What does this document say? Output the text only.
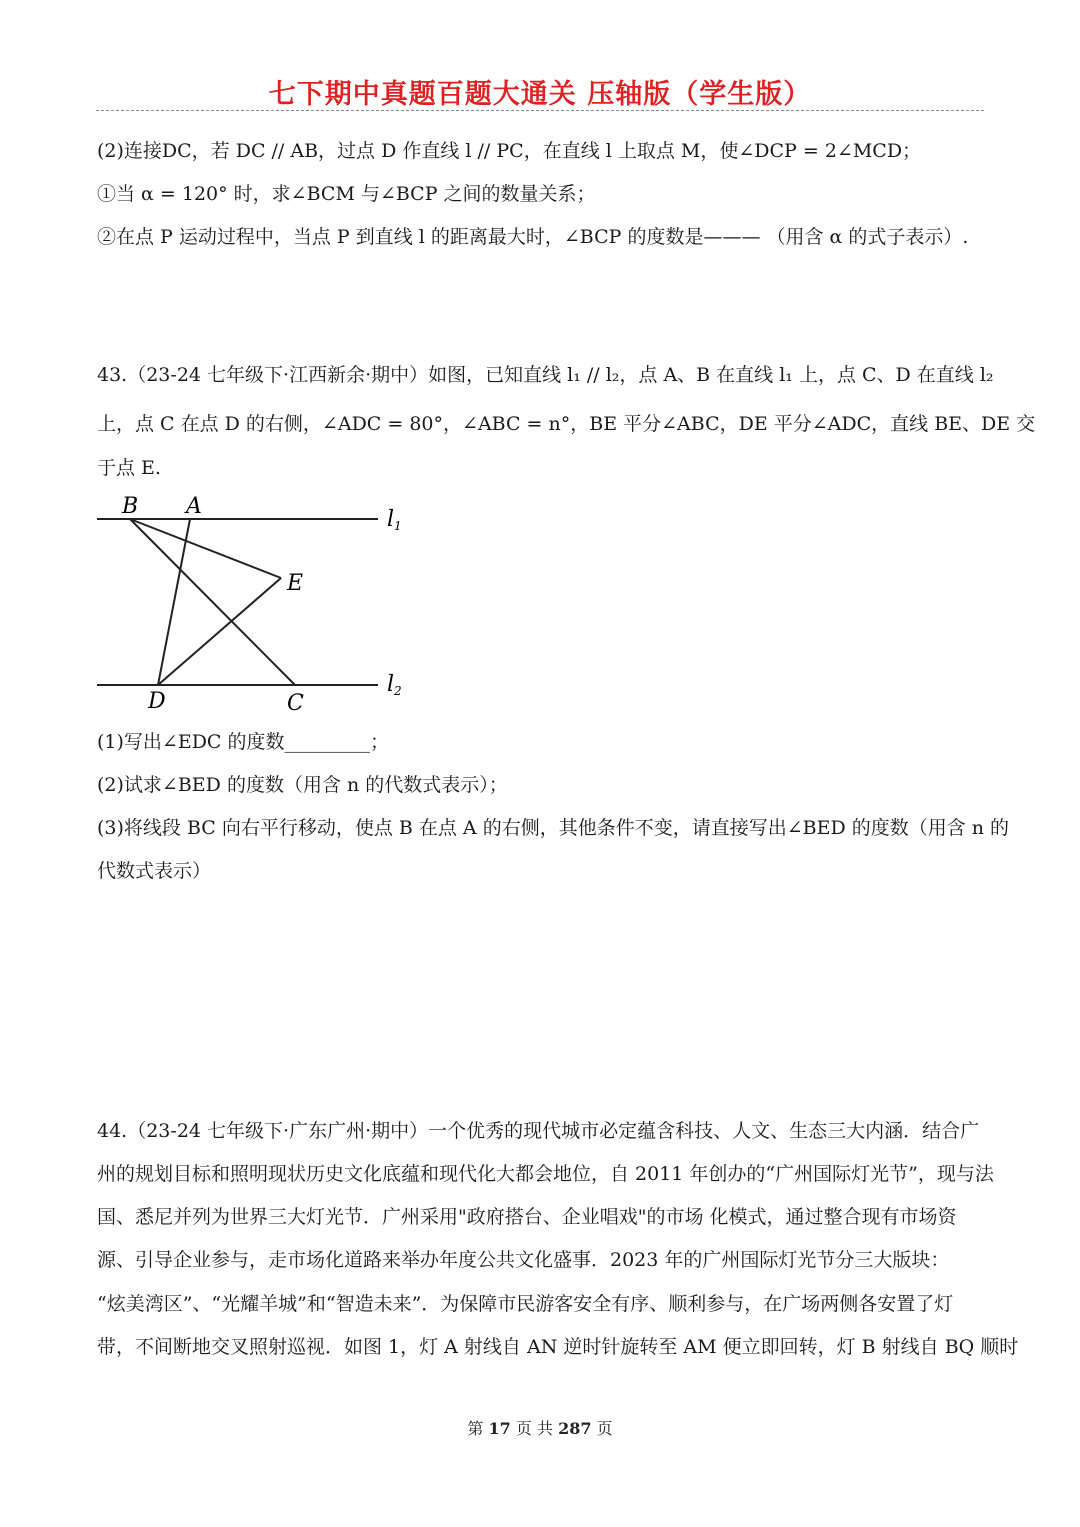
七下期中真题百题大通关 压轴版（学生版）
(2)连接DC，若 DC // AB，过点 D 作直线 l // PC，在直线 l 上取点 M，使∠DCP = 2∠MCD；
①当 α = 120° 时，求∠BCM 与∠BCP 之间的数量关系；
②在点 P 运动过程中，当点 P 到直线 l 的距离最大时，∠BCP 的度数是——— （用含 α 的式子表示）.
43.（23-24 七年级下·江西新余·期中）如图，已知直线 l₁ // l₂，点 A、B 在直线 l₁ 上，点 C、D 在直线 l₂
上，点 C 在点 D 的右侧，∠ADC = 80°，∠ABC = n°，BE 平分∠ABC，DE 平分∠ADC，直线 BE、DE 交
于点 E.
B A
E
D	C
l 1
l 2
(1)写出∠EDC 的度数_________；
(2)试求∠BED 的度数（用含 n 的代数式表示）；
(3)将线段 BC 向右平行移动，使点 B 在点 A 的右侧，其他条件不变，请直接写出∠BED 的度数（用含 n 的
代数式表示）
44.（23-24 七年级下·广东广州·期中）一个优秀的现代城市必定蕴含科技、人文、生态三大内涵．结合广
州的规划目标和照明现状历史文化底蕴和现代化大都会地位，自 2011 年创办的“广州国际灯光节”，现与法
国、悉尼并列为世界三大灯光节．广州采用"政府搭台、企业唱戏"的市场 化模式，通过整合现有市场资
源、引导企业参与，走市场化道路来举办年度公共文化盛事．2023 年的广州国际灯光节分三大版块：
“炫美湾区”、“光耀羊城”和“智造未来”．为保障市民游客安全有序、顺利参与，在广场两侧各安置了灯
带，不间断地交叉照射巡视．如图 1，灯 A 射线自 AN 逆时针旋转至 AM 便立即回转，灯 B 射线自 BQ 顺时
第 17 页 共 287 页
